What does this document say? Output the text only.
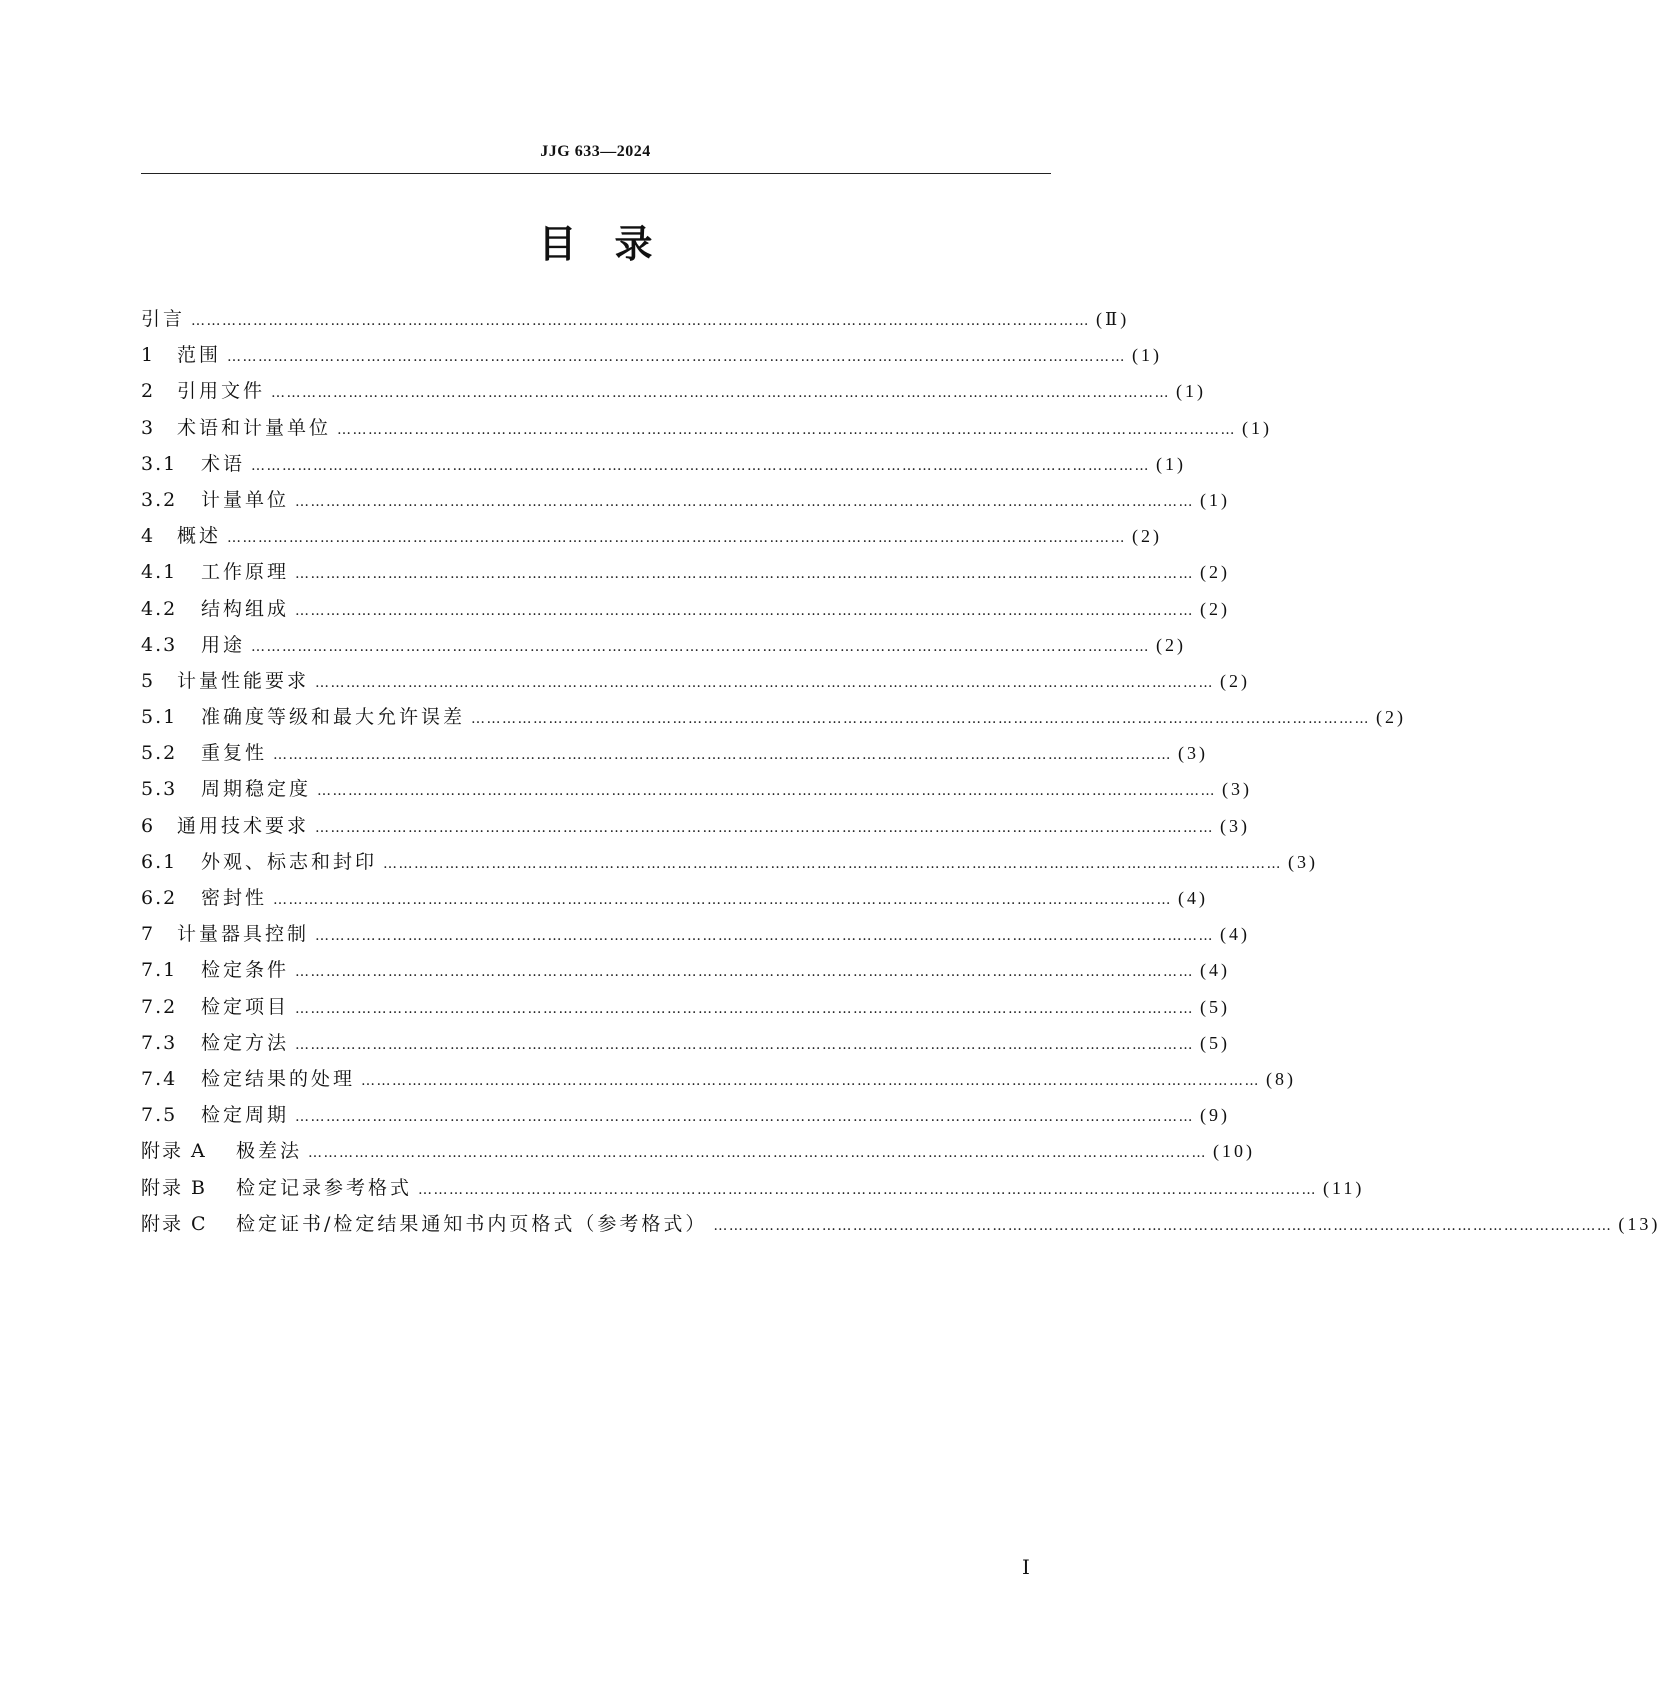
JJG 633—2024
目　录
引言 ………………………………………………………………………………………………………………………………………………………… (Ⅱ)
1	范围 ………………………………………………………………………………………………………………………………………………………… (1)
2	引用文件 ………………………………………………………………………………………………………………………………………………………… (1)
3	术语和计量单位 ………………………………………………………………………………………………………………………………………………………… (1)
3.1	术语 ………………………………………………………………………………………………………………………………………………………… (1)
3.2	计量单位 ………………………………………………………………………………………………………………………………………………………… (1)
4	概述 ………………………………………………………………………………………………………………………………………………………… (2)
4.1	工作原理 ………………………………………………………………………………………………………………………………………………………… (2)
4.2	结构组成 ………………………………………………………………………………………………………………………………………………………… (2)
4.3	用途 ………………………………………………………………………………………………………………………………………………………… (2)
5	计量性能要求 ………………………………………………………………………………………………………………………………………………………… (2)
5.1	准确度等级和最大允许误差 ………………………………………………………………………………………………………………………………………………………… (2)
5.2	重复性 ………………………………………………………………………………………………………………………………………………………… (3)
5.3	周期稳定度 ………………………………………………………………………………………………………………………………………………………… (3)
6	通用技术要求 ………………………………………………………………………………………………………………………………………………………… (3)
6.1	外观、标志和封印 ………………………………………………………………………………………………………………………………………………………… (3)
6.2	密封性 ………………………………………………………………………………………………………………………………………………………… (4)
7	计量器具控制 ………………………………………………………………………………………………………………………………………………………… (4)
7.1	检定条件 ………………………………………………………………………………………………………………………………………………………… (4)
7.2	检定项目 ………………………………………………………………………………………………………………………………………………………… (5)
7.3	检定方法 ………………………………………………………………………………………………………………………………………………………… (5)
7.4	检定结果的处理 ………………………………………………………………………………………………………………………………………………………… (8)
7.5	检定周期 ………………………………………………………………………………………………………………………………………………………… (9)
附录 A	极差法 ………………………………………………………………………………………………………………………………………………………… (10)
附录 B	检定记录参考格式 ………………………………………………………………………………………………………………………………………………………… (11)
附录 C	检定证书/检定结果通知书内页格式（参考格式） ………………………………………………………………………………………………………………………………………………………… (13)
Ⅰ
